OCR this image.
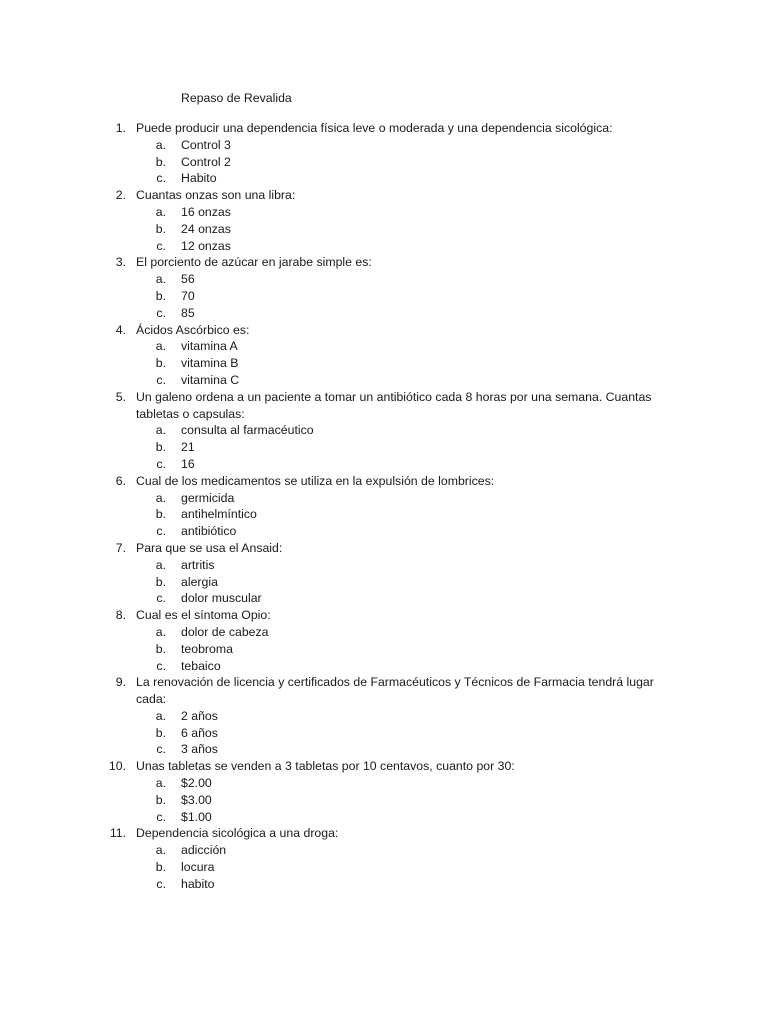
Repaso de Revalida
1. Puede producir una dependencia física leve o moderada y una dependencia sicológica:
a.	Control 3
b.	Control 2
c.	Habito
2. Cuantas onzas son una libra:
a.	16 onzas
b.	24 onzas
c.	12 onzas
3. El porciento de azúcar en jarabe simple es:
a.	56
b.	70
c.	85
4. Ácidos Ascórbico es:
a.	vitamina A
b.	vitamina B
c.	vitamina C
5. Un galeno ordena a un paciente a tomar un antibiótico cada 8 horas por una semana. Cuantas tabletas o capsulas:
a.	consulta al farmacéutico
b.	21
c.	16
6. Cual de los medicamentos se utiliza en la expulsión de lombrices:
a.	germicida
b.	antihelmíntico
c.	antibiótico
7. Para que se usa el Ansaid:
a.	artritis
b.	alergia
c.	dolor muscular
8. Cual es el síntoma Opio:
a.	dolor de cabeza
b.	teobroma
c.	tebaico
9. La renovación de licencia y certificados de Farmacéuticos y Técnicos de Farmacia tendrá lugar cada:
a.	2 años
b.	6 años
c.	3 años
10. Unas tabletas se venden a 3 tabletas por 10 centavos, cuanto por 30:
a.	$2.00
b.	$3.00
c.	$1.00
11. Dependencia sicológica a una droga:
a.	adicción
b.	locura
c.	habito
